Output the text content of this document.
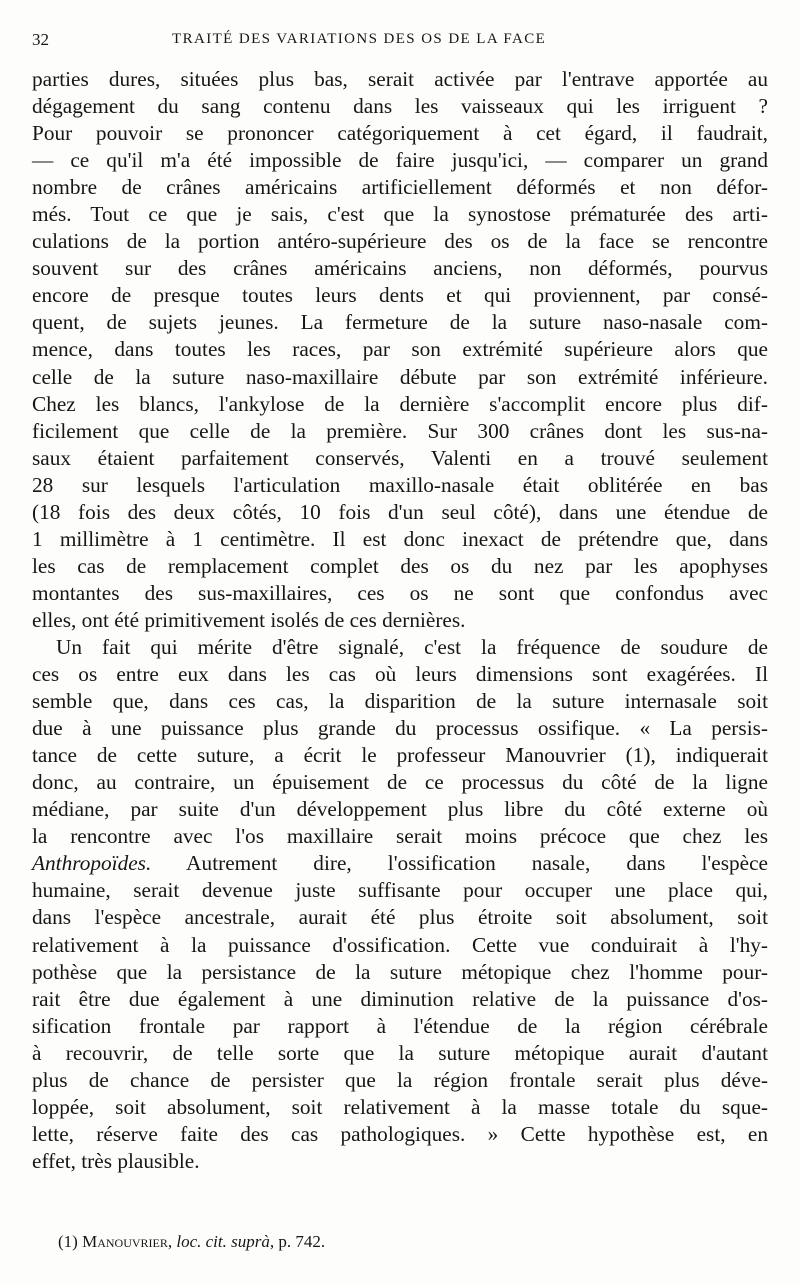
32	TRAITÉ DES VARIATIONS DES OS DE LA FACE
parties dures, situées plus bas, serait activée par l'entrave apportée au
dégagement du sang contenu dans les vaisseaux qui les irriguent ?
Pour pouvoir se prononcer catégoriquement à cet égard, il faudrait,
— ce qu'il m'a été impossible de faire jusqu'ici, — comparer un grand
nombre de crânes américains artificiellement déformés et non défor-
més. Tout ce que je sais, c'est que la synostose prématurée des arti-
culations de la portion antéro-supérieure des os de la face se rencontre
souvent sur des crânes américains anciens, non déformés, pourvus
encore de presque toutes leurs dents et qui proviennent, par consé-
quent, de sujets jeunes. La fermeture de la suture naso-nasale com-
mence, dans toutes les races, par son extrémité supérieure alors que
celle de la suture naso-maxillaire débute par son extrémité inférieure.
Chez les blancs, l'ankylose de la dernière s'accomplit encore plus dif-
ficilement que celle de la première. Sur 300 crânes dont les sus-na-
saux étaient parfaitement conservés, Valenti en a trouvé seulement
28 sur lesquels l'articulation maxillo-nasale était oblitérée en bas
(18 fois des deux côtés, 10 fois d'un seul côté), dans une étendue de
1 millimètre à 1 centimètre. Il est donc inexact de prétendre que, dans
les cas de remplacement complet des os du nez par les apophyses
montantes des sus-maxillaires, ces os ne sont que confondus avec
elles, ont été primitivement isolés de ces dernières.
Un fait qui mérite d'être signalé, c'est la fréquence de soudure de
ces os entre eux dans les cas où leurs dimensions sont exagérées. Il
semble que, dans ces cas, la disparition de la suture internasale soit
due à une puissance plus grande du processus ossifique. « La persis-
tance de cette suture, a écrit le professeur Manouvrier (1), indiquerait
donc, au contraire, un épuisement de ce processus du côté de la ligne
médiane, par suite d'un développement plus libre du côté externe où
la rencontre avec l'os maxillaire serait moins précoce que chez les
Anthropoïdes. Autrement dire, l'ossification nasale, dans l'espèce
humaine, serait devenue juste suffisante pour occuper une place qui,
dans l'espèce ancestrale, aurait été plus étroite soit absolument, soit
relativement à la puissance d'ossification. Cette vue conduirait à l'hy-
pothèse que la persistance de la suture métopique chez l'homme pour-
rait être due également à une diminution relative de la puissance d'os-
sification frontale par rapport à l'étendue de la région cérébrale
à recouvrir, de telle sorte que la suture métopique aurait d'autant
plus de chance de persister que la région frontale serait plus déve-
loppée, soit absolument, soit relativement à la masse totale du sque-
lette, réserve faite des cas pathologiques. » Cette hypothèse est, en
effet, très plausible.
(1) Manouvrier, loc. cit. suprà, p. 742.
